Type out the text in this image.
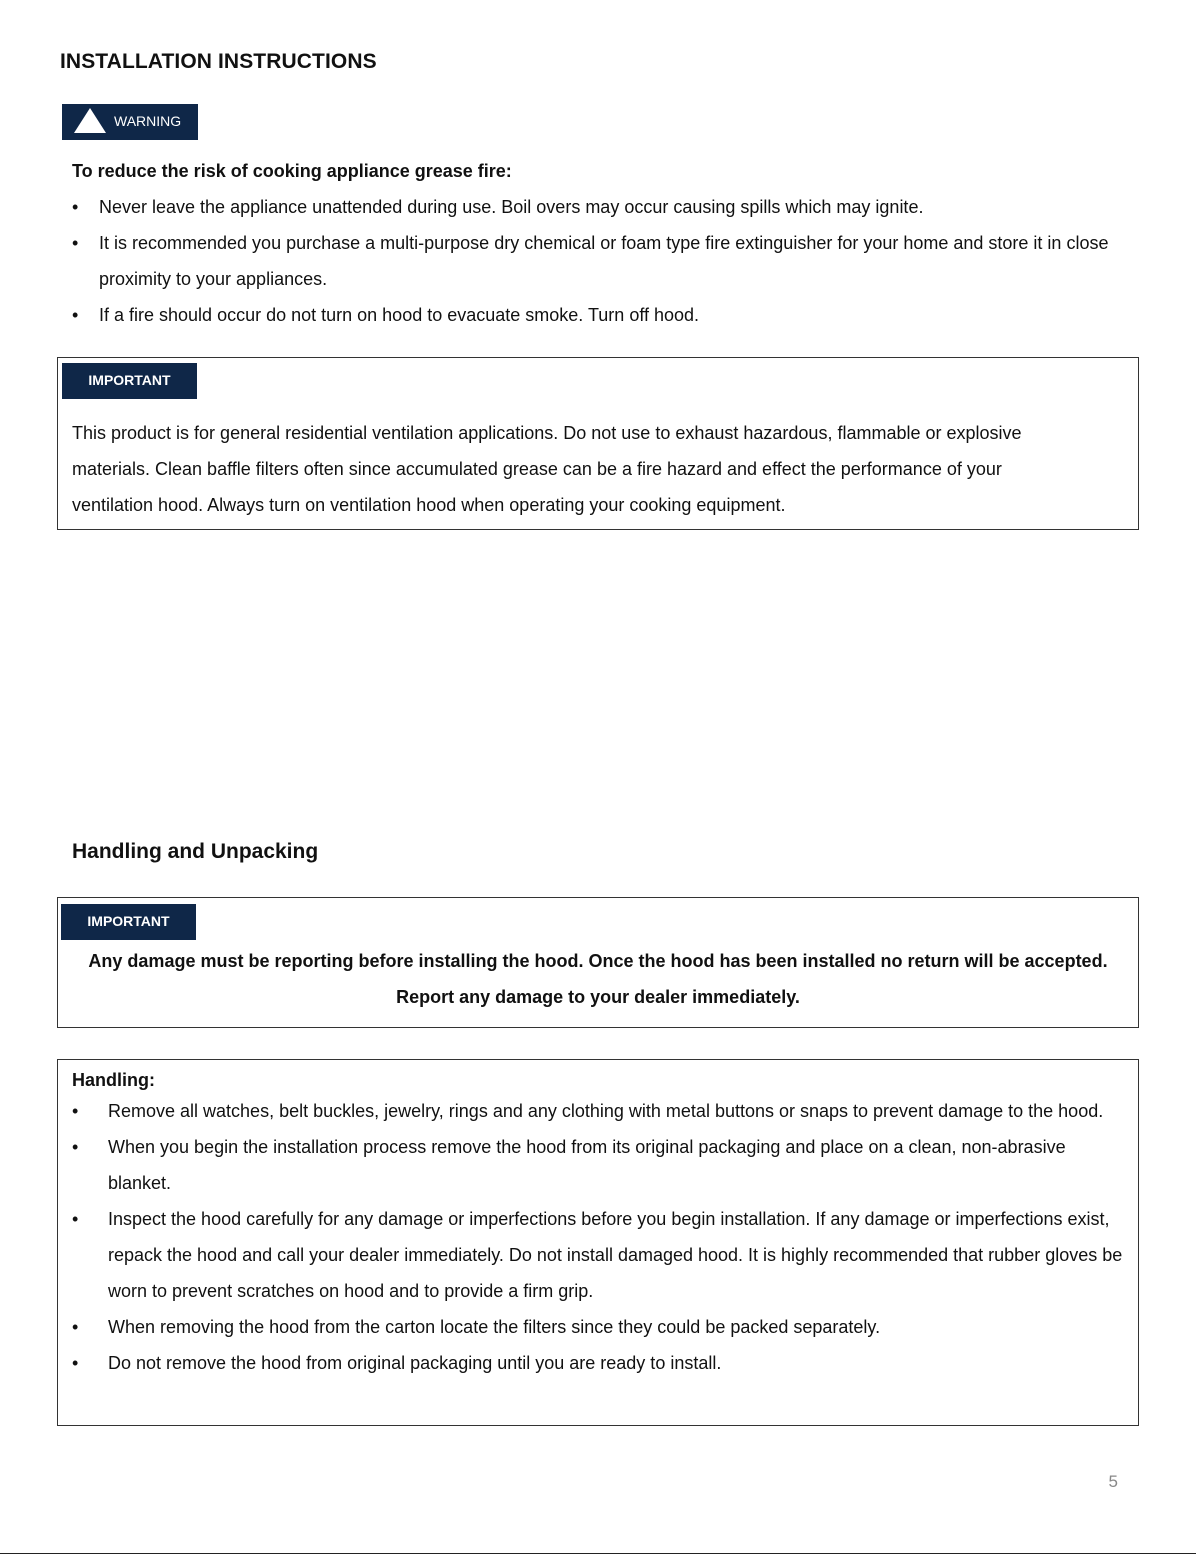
INSTALLATION INSTRUCTIONS
WARNING
To reduce the risk of cooking appliance grease fire:
• Never leave the appliance unattended during use. Boil overs may occur causing spills which may ignite.
• It is recommended you purchase a multi-purpose dry chemical or foam type fire extinguisher for your home and store it in close proximity to your appliances.
• If a fire should occur do not turn on hood to evacuate smoke. Turn off hood.
IMPORTANT
This product is for general residential ventilation applications. Do not use to exhaust hazardous, flammable or explosive materials. Clean baffle filters often since accumulated grease can be a fire hazard and effect the performance of your ventilation hood. Always turn on ventilation hood when operating your cooking equipment.
Handling and Unpacking
IMPORTANT
Any damage must be reporting before installing the hood. Once the hood has been installed no return will be accepted. Report any damage to your dealer immediately.
Handling:
• Remove all watches, belt buckles, jewelry, rings and any clothing with metal buttons or snaps to prevent damage to the hood.
• When you begin the installation process remove the hood from its original packaging and place on a clean, non-abrasive blanket.
• Inspect the hood carefully for any damage or imperfections before you begin installation. If any damage or imperfections exist, repack the hood and call your dealer immediately. Do not install damaged hood. It is highly recommended that rubber gloves be worn to prevent scratches on hood and to provide a firm grip.
• When removing the hood from the carton locate the filters since they could be packed separately.
• Do not remove the hood from original packaging until you are ready to install.
5
